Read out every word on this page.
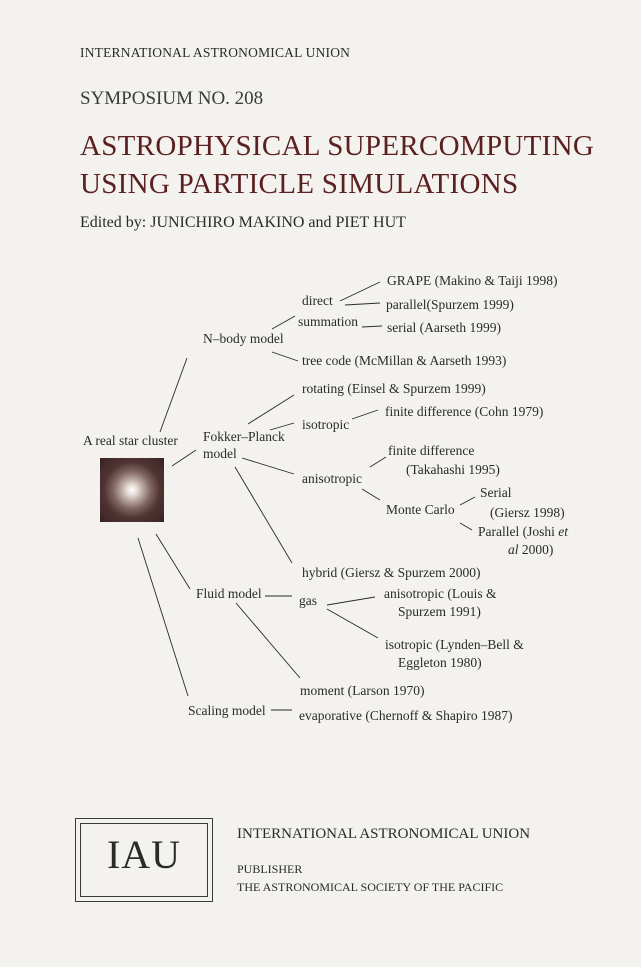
INTERNATIONAL ASTRONOMICAL UNION
SYMPOSIUM NO. 208
ASTROPHYSICAL SUPERCOMPUTING
USING PARTICLE SIMULATIONS
Edited by: JUNICHIRO MAKINO and PIET HUT
A real star cluster
N–body model
direct
summation
GRAPE (Makino & Taiji 1998)
parallel(Spurzem 1999)
serial (Aarseth 1999)
tree code (McMillan & Aarseth 1993)
rotating (Einsel & Spurzem 1999)
isotropic
finite difference (Cohn 1979)
Fokker–Planck
model
anisotropic
finite difference
(Takahashi 1995)
Monte Carlo
Serial
(Giersz 1998)
Parallel (Joshi et
al 2000)
hybrid (Giersz & Spurzem 2000)
Fluid model	gas	anisotropic (Louis &
Spurzem 1991)
isotropic (Lynden–Bell &
Eggleton 1980)
moment (Larson 1970)
Scaling model evaporative (Chernoff & Shapiro 1987)
IAU	INTERNATIONAL ASTRONOMICAL UNION
PUBLISHER
THE ASTRONOMICAL SOCIETY OF THE PACIFIC
